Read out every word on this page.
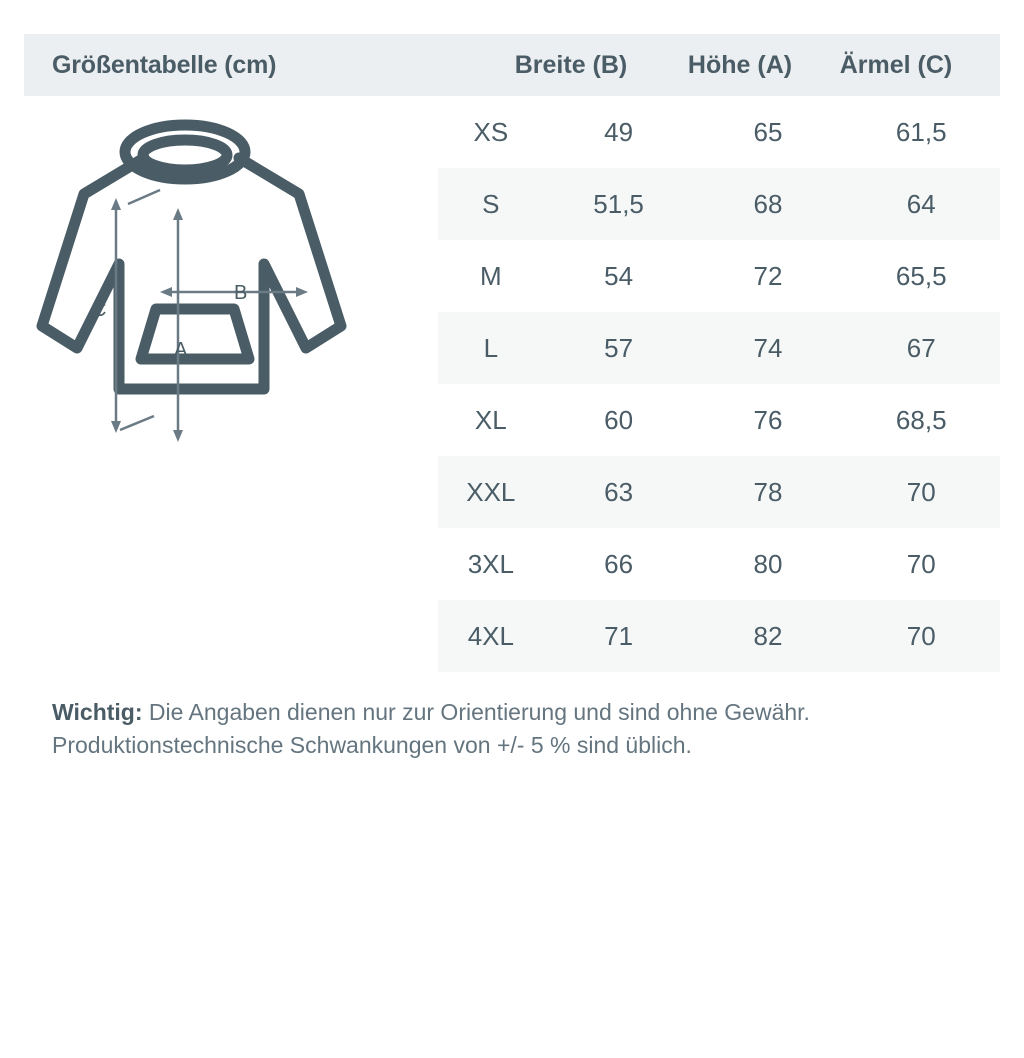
Größentabelle (cm)	Breite (B)	Höhe (A)	Ärmel (C)
XS	49	65	61,5
S	51,5	68	64
M	54	72	65,5
L	57	74	67
XL	60	76	68,5
XXL	63	78	70
3XL	66	80	70
4XL	71	82	70
C
A
B

Wichtig: Die Angaben dienen nur zur Orientierung und sind ohne Gewähr. Produktionstechnische Schwankungen von +/- 5 % sind üblich.
